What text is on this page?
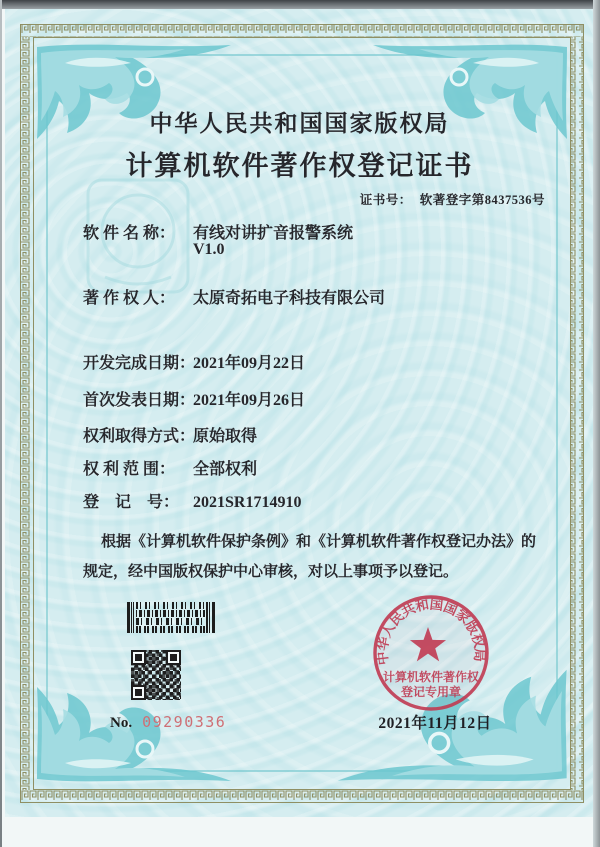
中华人民共和国国家版权局
计算机软件著作权登记证书
证书号： 软著登字第8437536号
软 件 名 称： 有线对讲扩音报警系统
V1.0
著 作 权 人： 太原奇拓电子科技有限公司
开发完成日期：2021年09月22日
首次发表日期：2021年09月26日
权利取得方式：原始取得
权 利 范 围： 全部权利
登　记　号： 2021SR1714910
根据《计算机软件保护条例》和《计算机软件著作权登记办法》的规定，经中国版权保护中心审核，对以上事项予以登记。
No. 09290336
中华人民共和国国家版权局
计算机软件著作权
登记专用章
2021年11月12日
